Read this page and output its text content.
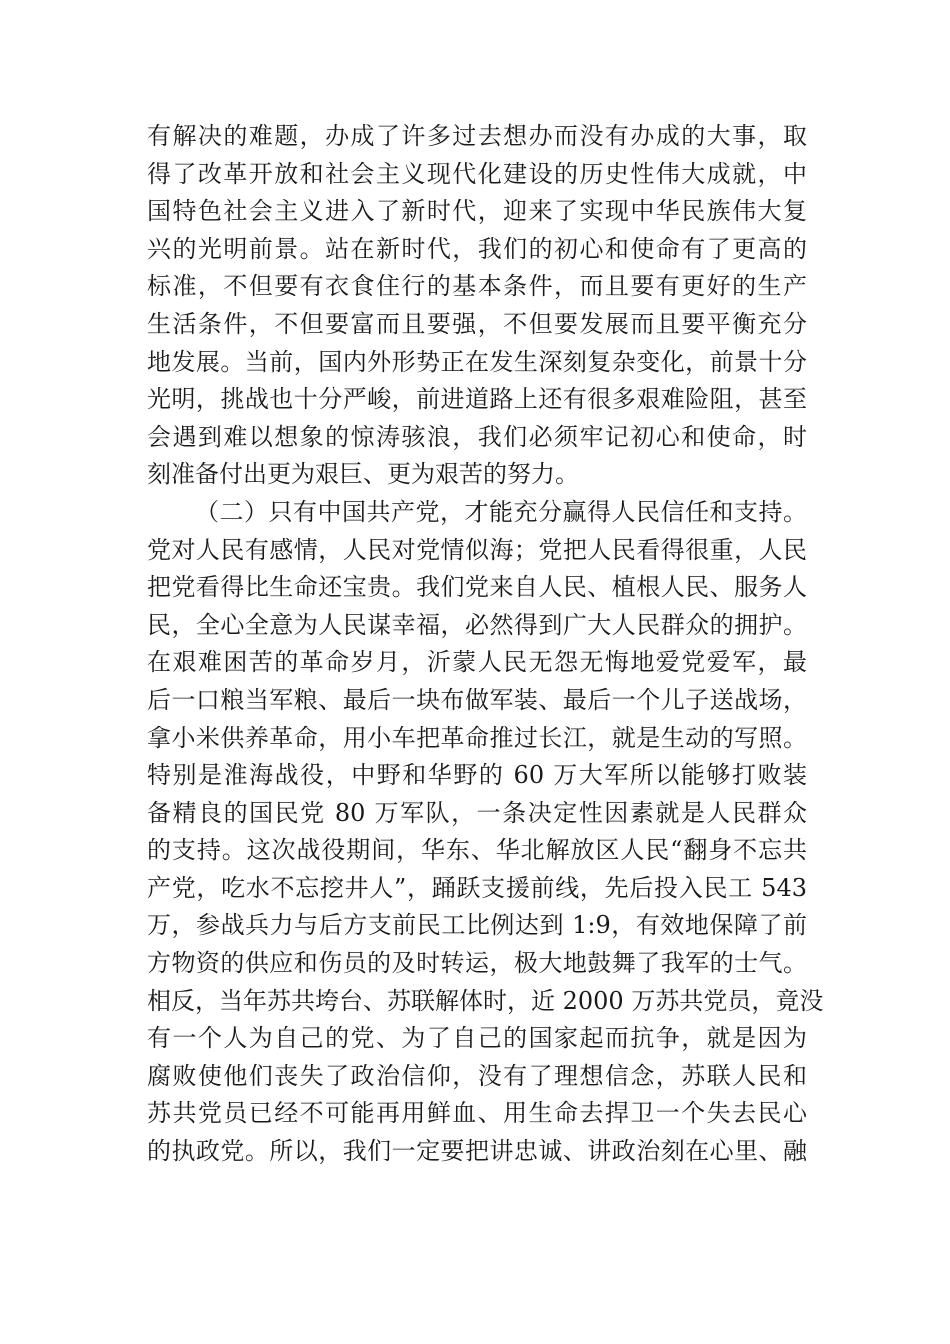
有解决的难题，办成了许多过去想办而没有办成的大事，取
得了改革开放和社会主义现代化建设的历史性伟大成就，中
国特色社会主义进入了新时代，迎来了实现中华民族伟大复
兴的光明前景。站在新时代，我们的初心和使命有了更高的
标准，不但要有衣食住行的基本条件，而且要有更好的生产
生活条件，不但要富而且要强，不但要发展而且要平衡充分
地发展。当前，国内外形势正在发生深刻复杂变化，前景十分
光明，挑战也十分严峻，前进道路上还有很多艰难险阻，甚至
会遇到难以想象的惊涛骇浪，我们必须牢记初心和使命，时
刻准备付出更为艰巨、更为艰苦的努力。
（二）只有中国共产党，才能充分赢得人民信任和支持。
党对人民有感情，人民对党情似海；党把人民看得很重，人民
把党看得比生命还宝贵。我们党来自人民、植根人民、服务人
民，全心全意为人民谋幸福，必然得到广大人民群众的拥护。
在艰难困苦的革命岁月，沂蒙人民无怨无悔地爱党爱军，最
后一口粮当军粮、最后一块布做军装、最后一个儿子送战场，
拿小米供养革命，用小车把革命推过长江，就是生动的写照。
特别是淮海战役，中野和华野的 60 万大军所以能够打败装
备精良的国民党 80 万军队，一条决定性因素就是人民群众
的支持。这次战役期间，华东、华北解放区人民“翻身不忘共
产党，吃水不忘挖井人”，踊跃支援前线，先后投入民工 543
万，参战兵力与后方支前民工比例达到 1:9，有效地保障了前
方物资的供应和伤员的及时转运，极大地鼓舞了我军的士气。
相反，当年苏共垮台、苏联解体时，近 2000 万苏共党员，竟没
有一个人为自己的党、为了自己的国家起而抗争，就是因为
腐败使他们丧失了政治信仰，没有了理想信念，苏联人民和
苏共党员已经不可能再用鲜血、用生命去捍卫一个失去民心
的执政党。所以，我们一定要把讲忠诚、讲政治刻在心里、融
